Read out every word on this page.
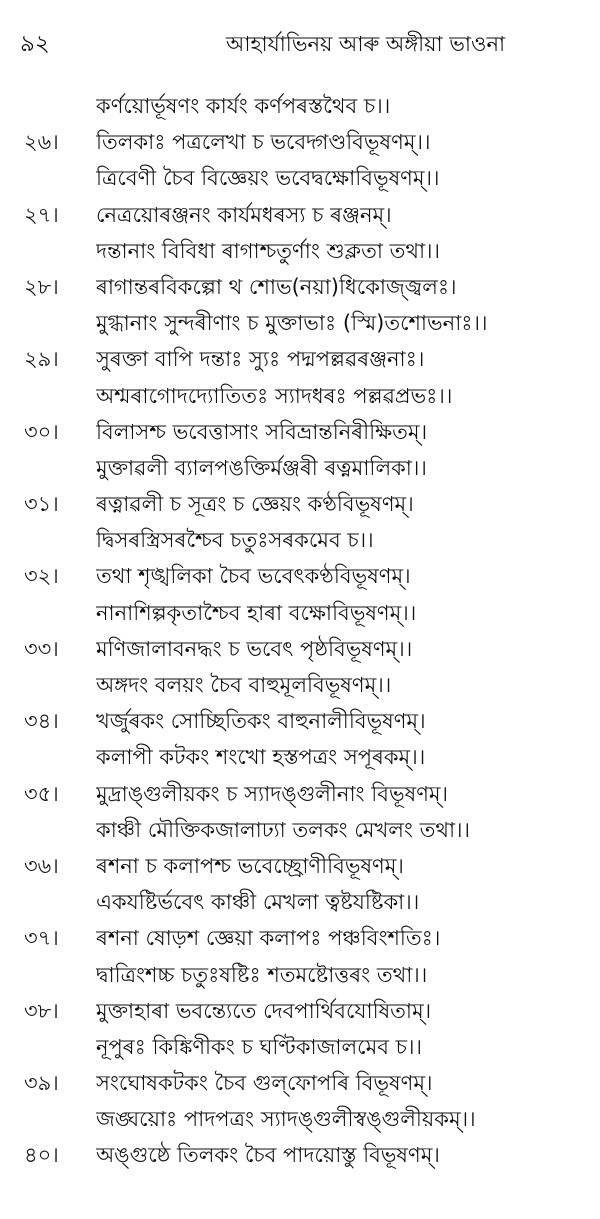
৯২	আহাৰ্যাভিনয় আৰু অঙ্গীয়া ভাওনা
কৰ্ণয়োৰ্ভূষণং কাৰ্যং কৰ্ণপৰস্তথৈব চ।।
২৬।	তিলকাঃ পত্ৰলেখা চ ভবেদ্গণ্ডবিভূষণম্।।
ত্ৰিবেণী চৈব বিজ্ঞেয়ং ভবেদ্বক্ষোবিভূষণম্।।
২৭।	নেত্ৰয়োৰঞ্জনং কাৰ্যমধৰস্য চ ৰঞ্জনম্।
দন্তানাং বিবিধা ৰাগাশ্চতুৰ্ণাং শুক্লতা তথা।।
২৮।	ৰাগান্তৰবিকল্পো থ শোভ(নয়া)ধিকোজ্জ্বলঃ।
মুগ্ধানাং সুন্দৰীণাং চ মুক্তাভাঃ (স্মি)তশোভনাঃ।।
২৯।	সুৰক্তা বাপি দন্তাঃ স্যুঃ পদ্মপল্লৱৰঞ্জনাঃ।
অশ্মৰাগোদদ্যোতিতঃ স্যাদধৰঃ পল্লৱপ্ৰভঃ।।
৩০।	বিলাসশ্চ ভবেত্তাসাং সবিভ্ৰান্তনিৰীক্ষিতম্।
মুক্তাৱলী ব্যালপঙক্তিৰ্মঞ্জৰী ৰত্নমালিকা।।
৩১।	ৰত্নাৱলী চ সূত্ৰং চ জ্ঞেয়ং কণ্ঠবিভূষণম্।
দ্বিসৰস্ত্ৰিসৰশ্চৈব চতুঃসৰকমেব চ।।
৩২।	তথা শৃঙ্খলিকা চৈব ভবেৎকণ্ঠবিভূষণম্।
নানাশিল্পকৃতাশ্চৈব হাৰা বক্ষোবিভূষণম্।।
৩৩।	মণিজালাবনদ্ধং চ ভবেৎ পৃষ্ঠবিভূষণম্।।
অঙ্গদং বলয়ং চৈব বাহুমূলবিভূষণম্।।
৩৪।	খৰ্জুৰকং সোচ্ছিতিকং বাহুনালীবিভূষণম্।
কলাপী কটকং শংখো হস্তপত্ৰং সপূৰকম্।।
৩৫।	মুদ্ৰাঙ্গুলীয়কং চ স্যাদঙ্গুলীনাং বিভূষণম্।
কাঞ্চী মৌক্তিকজালাঢ্যা তলকং মেখলং তথা।।
৩৬।	ৰশনা চ কলাপশ্চ ভবেচ্ছ্ৰোণীবিভূষণম্।
একযষ্টিৰ্ভবেৎ কাঞ্চী মেখলা ত্বষ্টযষ্টিকা।।
৩৭।	ৰশনা ষোড়শ জ্ঞেয়া কলাপঃ পঞ্চবিংশতিঃ।
দ্বাত্ৰিংশচ্চ চতুঃষষ্টিঃ শতমষ্টোত্তৰং তথা।।
৩৮।	মুক্তাহাৰা ভবন্ত্যেতে দেবপাৰ্থিবযোষিতাম্।
নূপুৰঃ কিঙ্কিণীকং চ ঘণ্টিকাজালমেব চ।।
৩৯।	সংঘোষকটকং চৈব গুল্‌ফোপৰি বিভূষণম্।
জঙ্ঘয়োঃ পাদপত্ৰং স্যাদঙ্গুলীস্বঙ্গুলীয়কম্।।
৪০।	অঙ্গুষ্ঠে তিলকং চৈব পাদয়োস্তু বিভূষণম্।
